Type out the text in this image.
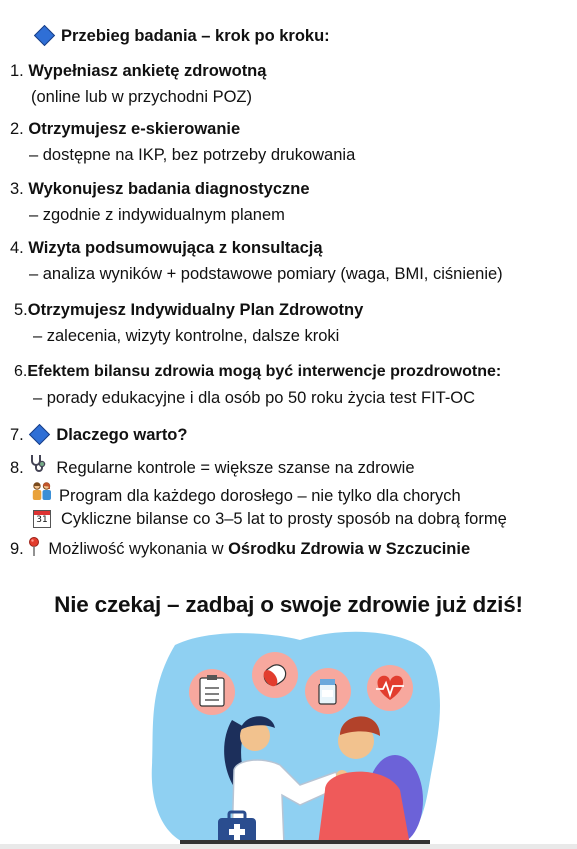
Przebieg badania – krok po kroku:
1. Wypełniasz ankietę zdrowotną
(online lub w przychodni POZ)
2. Otrzymujesz e-skierowanie
– dostępne na IKP, bez potrzeby drukowania
3. Wykonujesz badania diagnostyczne
– zgodnie z indywidualnym planem
4. Wizyta podsumowująca z konsultacją
– analiza wyników + podstawowe pomiary (waga, BMI, ciśnienie)
5.Otrzymujesz Indywidualny Plan Zdrowotny
– zalecenia, wizyty kontrolne, dalsze kroki
6.Efektem bilansu zdrowia mogą być interwencje prozdrowotne:
– porady edukacyjne i dla osób po 50 roku życia test FIT-OC
7. Dlaczego warto?
8. Regularne kontrole = większe szanse na zdrowie
Program dla każdego dorosłego – nie tylko dla chorych
31 Cykliczne bilanse co 3–5 lat to prosty sposób na dobrą formę
9. Możliwość wykonania w Ośrodku Zdrowia w Szczucinie
Nie czekaj – zadbaj o swoje zdrowie już dziś!
